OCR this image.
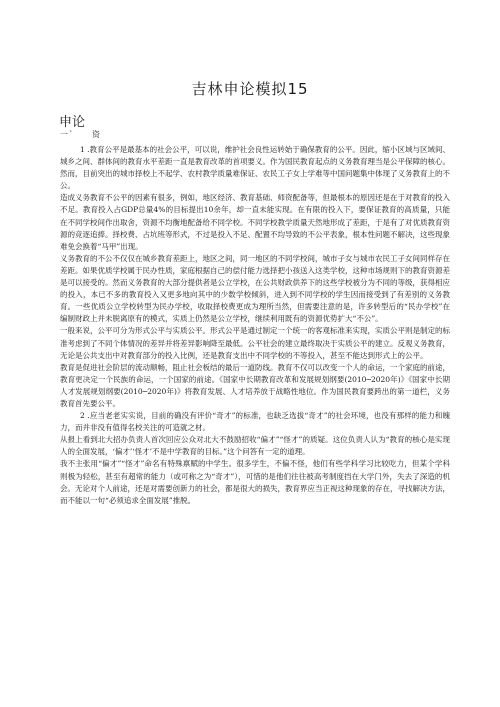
吉林申论模拟15
申论
一ˋ 资

1 .教育公平是最基本的社会公平，可以说，维护社会良性运转始于确保教育的公平。因此，缩小区域与区域间、城乡之间、群体间的教育水平差距一直是教育改革的首项要义。作为国民教育起点的义务教育理当是公平保障的核心。然而，目前突出的城市择校上不起学、农村教学质量难保证、农民工子女上学难等中国问题集中体现了义务教育上的不公。

造成义务教育不公平的因素有很多，例如，地区经济、教育基础、师资配备等，但最根本的原因还是在于对教育的投入不足。教育投入占GDP总量4%的目标提出10余年，却一直未能实现。在有限的投入下，要保证教育的高质量，只能在不同学校间作出取舍，资源不均衡地配备给不同学校。不同学校教学质量天然地形成了差距，于是有了对优质教育资源的竞逐追捧。择校费、占坑班等形式，不过是投入不足、配置不均导致的不公平表象，根本性问题不解决，这些现象难免会换着“马甲”出现。

义务教育的不公不仅仅在城乡教育差距上，地区之间，同一地区的不同学校间，城市子女与城市农民工子女间同样存在差距。如果优质学校属于民办性质，家庭根据自己的偿付能力选择把小孩送入这类学校，这种市场规则下的教育资源差是可以接受的。然而义务教育的大部分提供者是公立学校，在公共财政供养下的这些学校被分为不同的等级，获得相应的投入，本已不多的教育投入又更多地向其中的少数学校倾斜，进入到不同学校的学生因而接受到了有差别的义务教育。一些优质公立学校转型为民办学校，收取择校费更成为理所当然，但需要注意的是，许多转型后的“民办学校”在编制财政上并未脱离原有的模式，实质上仍然是公立学校，继续利用既有的资源优势扩大“不公”。

一般来说，公平可分为形式公平与实质公平。形式公平是通过制定一个统一的客观标准来实现，实质公平则是制定的标准考虑到了不同个体情况的差异并将差异影响降至最低。公平社会的建立最终取决于实质公平的建立。反观义务教育，无论是公共支出中对教育部分的投入比例，还是教育支出中不同学校的不等投入，甚至不能达到形式上的公平。

教育是促进社会阶层的流动顺畅，阻止社会板结的最后一道防线。教育不仅可以改变一个人的命运，一个家庭的前途，教育更决定一个民族的命运，一个国家的前途。《国家中长期教育改革和发展规划纲要(2010─2020年)》《国家中长期人才发展规划纲要(2010─2020年)》将教育发展、人才培养放于战略性地位。作为国民教育要跨出的第一道栏，义务教育首先要公平。

2 .应当老老实实说，目前的确没有评价“奇才”的标准，也缺乏选拔“奇才”的社会环境，也没有那样的能力和魄力，而并非没有值得名校关注的可造就之材。

从报上看到北大招办负责人首次回应公众对北大不鼓励招收“偏才”“怪才”的质疑。这位负责人认为“教育的核心是实现人的全面发展，‘偏才’‘怪才’不是中学教育的目标。”这个问答有一定的道理。

我不主张用“偏才”“怪才”命名有特殊禀赋的中学生。很多学生，不偏不怪，他们有些学科学习比较吃力，但某个学科则极为轻松，甚至有超常的能力（或可称之为“奇才”），可惜的是他们往往被高考制度挡在大学门外，失去了深造的机会。无论对个人前途，还是对需要创新力的社会，都是很大的损失，教育界应当正视这种现象的存在，寻找解决方法，而不能以一句“必须追求全面发展”推脱。
